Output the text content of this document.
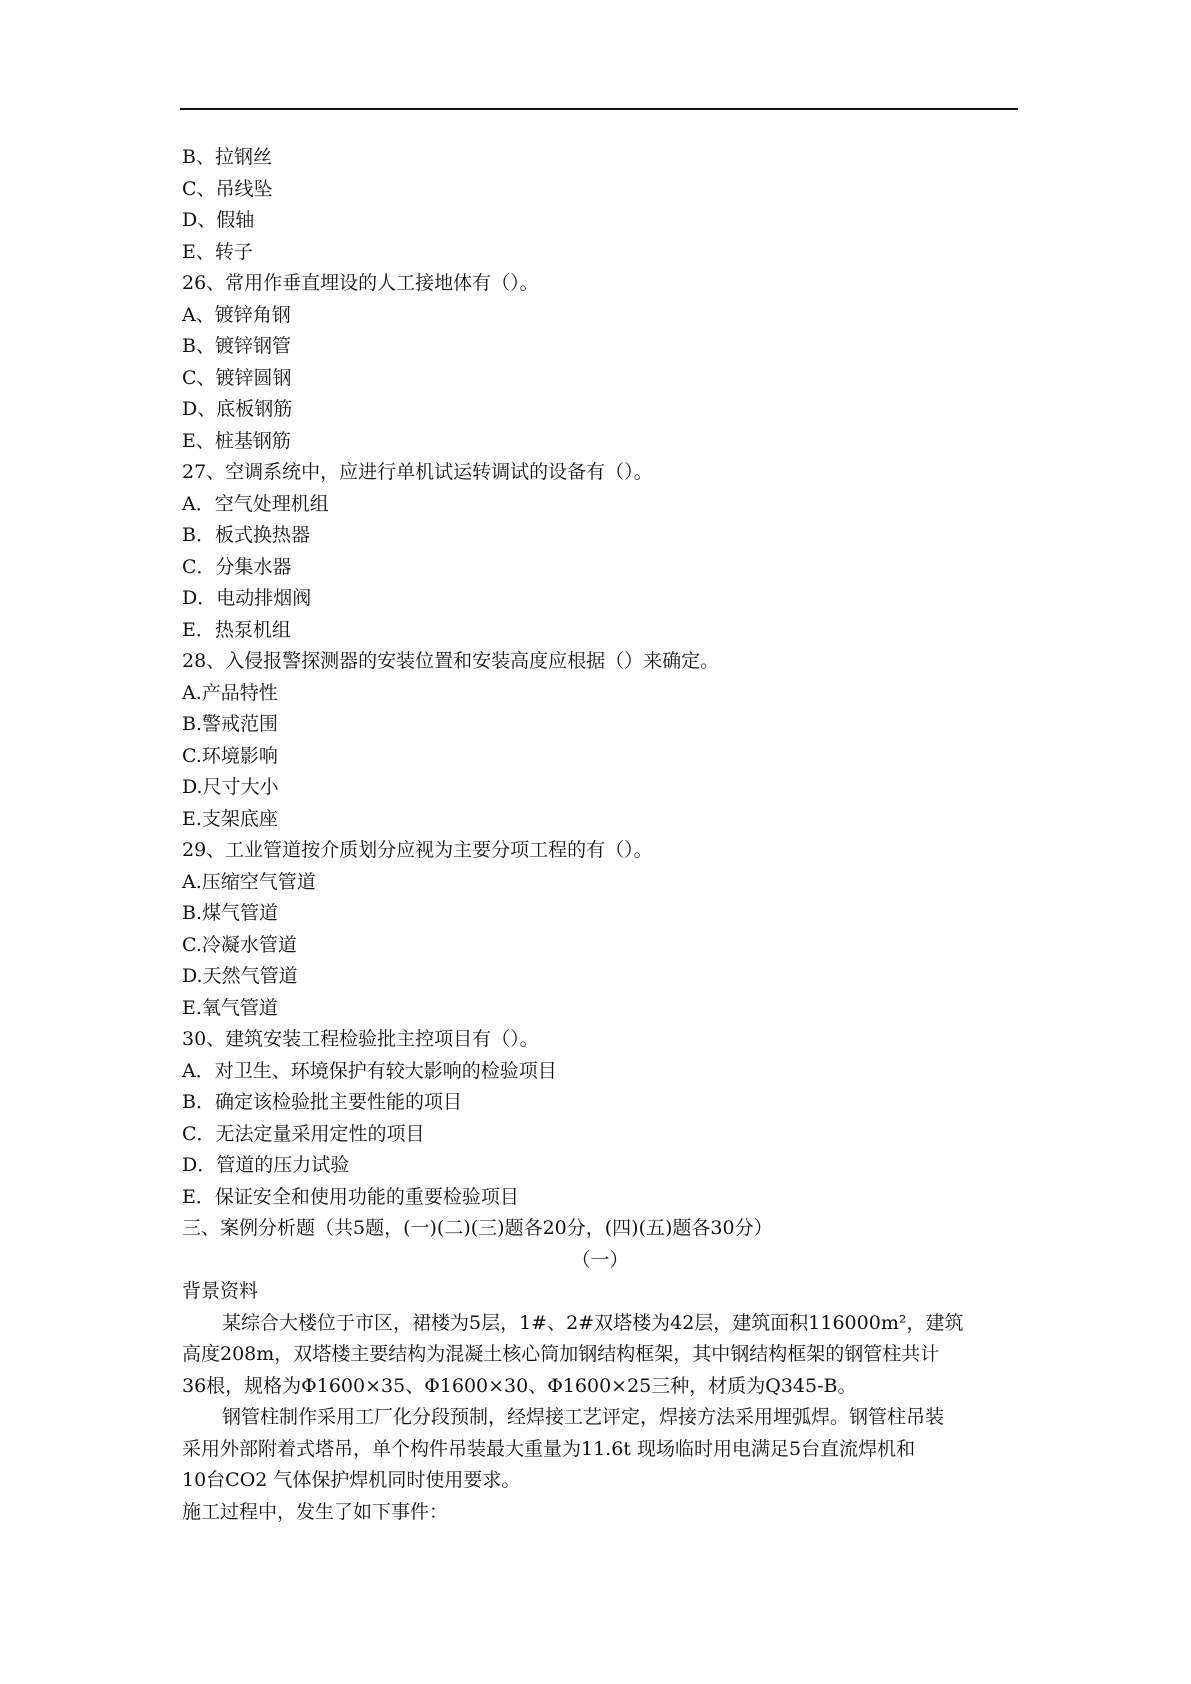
B、拉钢丝
C、吊线坠
D、假轴
E、转子
26、常用作垂直埋设的人工接地体有（）。
A、镀锌角钢
B、镀锌钢管
C、镀锌圆钢
D、底板钢筋
E、桩基钢筋
27、空调系统中，应进行单机试运转调试的设备有（）。
A．空气处理机组
B．板式换热器
C．分集水器
D．电动排烟阀
E．热泵机组
28、入侵报警探测器的安装位置和安装高度应根据（）来确定。
A.产品特性
B.警戒范围
C.环境影响
D.尺寸大小
E.支架底座
29、工业管道按介质划分应视为主要分项工程的有（）。
A.压缩空气管道
B.煤气管道
C.冷凝水管道
D.天然气管道
E.氧气管道
30、建筑安装工程检验批主控项目有（）。
A．对卫生、环境保护有较大影响的检验项目
B．确定该检验批主要性能的项目
C．无法定量采用定性的项目
D．管道的压力试验
E．保证安全和使用功能的重要检验项目
三、案例分析题（共5题，(一)(二)(三)题各20分，(四)(五)题各30分）
（一）
背景资料

某综合大楼位于市区，裙楼为5层，1#、2#双塔楼为42层，建筑面积116000m²，建筑
高度208m，双塔楼主要结构为混凝土核心筒加钢结构框架，其中钢结构框架的钢管柱共计
36根，规格为Φ1600×35、Φ1600×30、Φ1600×25三种，材质为Q345-B。

钢管柱制作采用工厂化分段预制，经焊接工艺评定，焊接方法采用埋弧焊。钢管柱吊装
采用外部附着式塔吊，单个构件吊装最大重量为11.6t 现场临时用电满足5台直流焊机和
10台CO2 气体保护焊机同时使用要求。

施工过程中，发生了如下事件：
